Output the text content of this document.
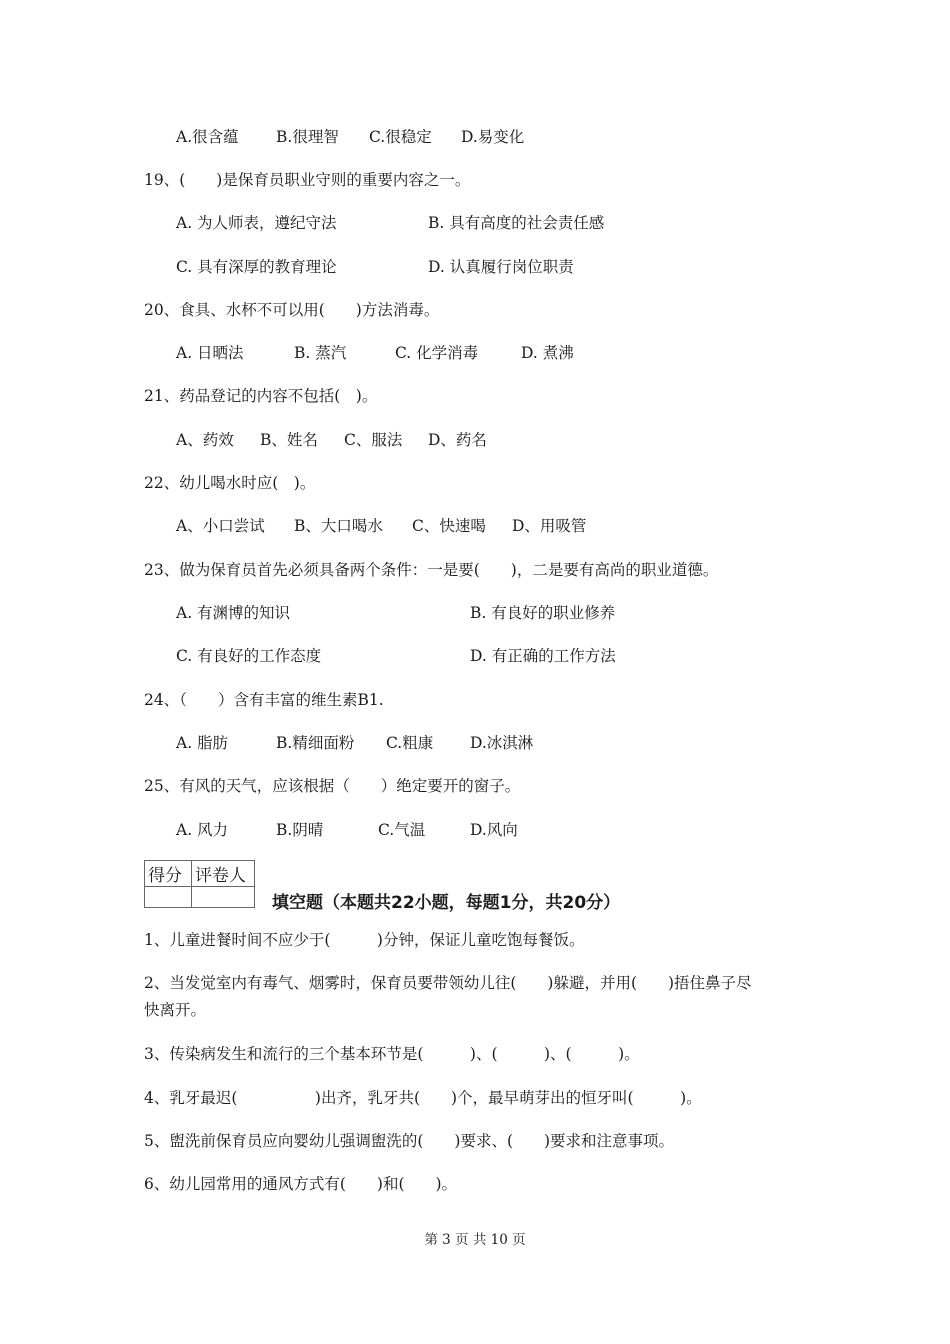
A.很含蕴 B.很理智 C.很稳定 D.易变化
19、(　　)是保育员职业守则的重要内容之一。
A. 为人师表，遵纪守法	B. 具有高度的社会责任感
C. 具有深厚的教育理论	D. 认真履行岗位职责
20、食具、水杯不可以用(　　)方法消毒。
A. 日晒法	B. 蒸汽	C. 化学消毒	D. 煮沸
21、药品登记的内容不包括(　)。
A、药效 B、姓名 C、服法 D、药名
22、幼儿喝水时应(　)。
A、小口尝试 B、大口喝水 C、快速喝 D、用吸管
23、做为保育员首先必须具备两个条件：一是要(　　)，二是要有高尚的职业道德。
A. 有渊博的知识	B. 有良好的职业修养
C. 有良好的工作态度	D. 有正确的工作方法
24、（　　）含有丰富的维生素B1.
A. 脂肪	B.精细面粉 C.粗康 D.冰淇淋
25、有风的天气，应该根据（　　）绝定要开的窗子。
A. 风力	B.阴晴	C.气温	D.风向
得分	评卷人

填空题（本题共22小题，每题1分，共20分）
1、儿童进餐时间不应少于(　　　)分钟，保证儿童吃饱每餐饭。
2、当发觉室内有毒气、烟雾时，保育员要带领幼儿往(　　)躲避，并用(　　)捂住鼻子尽
快离开。
3、传染病发生和流行的三个基本环节是(　　　)、(　　　)、(　　　)。
4、乳牙最迟(　　　　　)出齐，乳牙共(　　)个，最早萌芽出的恒牙叫(　　　)。
5、盥洗前保育员应向婴幼儿强调盥洗的(　　)要求、(　　)要求和注意事项。
6、幼儿园常用的通风方式有(　　)和(　　)。
第 3 页 共 10 页
